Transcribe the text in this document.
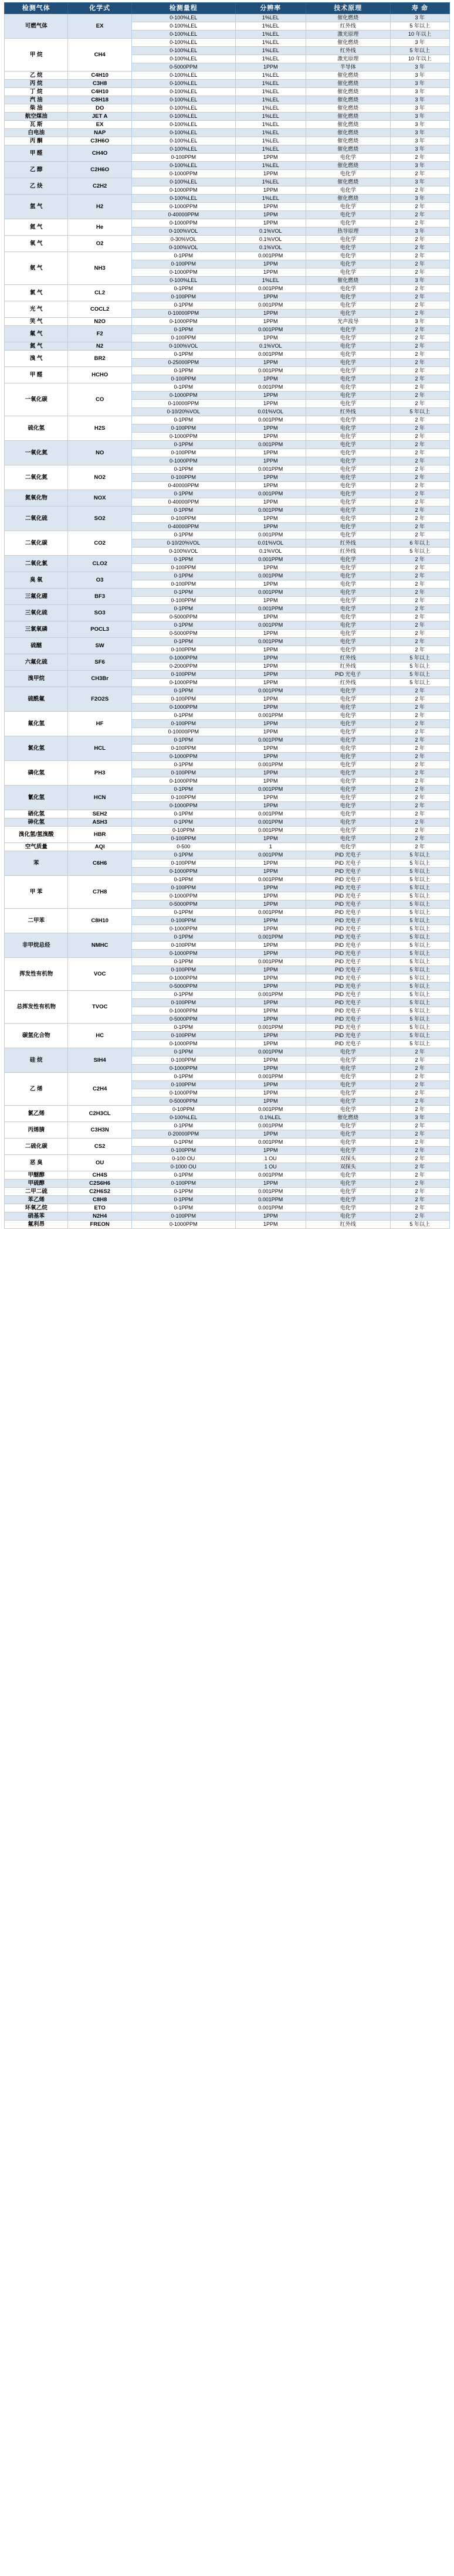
检测气体	化学式	检测量程	分辨率	技术原理	寿 命
可燃气体	EX	0-100%LEL	1%LEL	催化燃烧	3 年
		0-100%LEL	1%LEL	红外线	5 年以上
		0-100%LEL	1%LEL	激光原理	10 年以上
甲 烷	CH4	0-100%LEL	1%LEL	催化燃烧	3 年
		0-100%LEL	1%LEL	红外线	5 年以上
		0-100%LEL	1%LEL	激光原理	10 年以上
		0-5000PPM	1PPM	半导体	3 年
乙 烷	C4H10	0-100%LEL	1%LEL	催化燃烧	3 年
丙 烷	C3H8	0-100%LEL	1%LEL	催化燃烧	3 年
丁 烷	C4H10	0-100%LEL	1%LEL	催化燃烧	3 年
汽 油	C8H18	0-100%LEL	1%LEL	催化燃烧	3 年
柴 油	DO	0-100%LEL	1%LEL	催化燃烧	3 年
航空煤油	JET A	0-100%LEL	1%LEL	催化燃烧	3 年
瓦 斯	EX	0-100%LEL	1%LEL	催化燃烧	3 年
白电油	NAP	0-100%LEL	1%LEL	催化燃烧	3 年
丙 酮	C3H6O	0-100%LEL	1%LEL	催化燃烧	3 年
甲 醛	CH4O	0-100%LEL	1%LEL	催化燃烧	3 年
		0-100PPM	1PPM	电化学	2 年
乙 醇	C2H6O	0-100%LEL	1%LEL	催化燃烧	3 年
		0-1000PPM	1PPM	电化学	2 年
乙 炔	C2H2	0-100%LEL	1%LEL	催化燃烧	3 年
		0-1000PPM	1PPM	电化学	2 年
氢 气	H2	0-100%LEL	1%LEL	催化燃烧	3 年
		0-1000PPM	1PPM	电化学	2 年
		0-40000PPM	1PPM	电化学	2 年
氦 气	He	0-1000PPM	1PPM	电化学	2 年
		0-100%VOL	0.1%VOL	热导原理	3 年
氧 气	O2	0-30%VOL	0.1%VOL	电化学	2 年
		0-100%VOL	0.1%VOL	电化学	2 年
氨 气	NH3	0-1PPM	0.001PPM	电化学	2 年
		0-100PPM	1PPM	电化学	2 年
		0-1000PPM	1PPM	电化学	2 年
		0-100%LEL	1%LEL	催化燃烧	3 年
氯 气	CL2	0-1PPM	0.001PPM	电化学	2 年
		0-100PPM	1PPM	电化学	2 年
光 气	COCL2	0-1PPM	0.001PPM	电化学	2 年
		0-10000PPM	1PPM	电化学	2 年
笑 气	N2O	0-1000PPM	1PPM	光声波导	3 年
氟 气	F2	0-1PPM	0.001PPM	电化学	2 年
		0-100PPM	1PPM	电化学	2 年
氮 气	N2	0-100%VOL	0.1%VOL	电化学	2 年
溴 气	BR2	0-1PPM	0.001PPM	电化学	2 年
		0-25000PPM	1PPM	电化学	2 年
甲 醛	HCHO	0-1PPM	0.001PPM	电化学	2 年
		0-100PPM	1PPM	电化学	2 年
一氧化碳	CO	0-1PPM	0.001PPM	电化学	2 年
		0-1000PPM	1PPM	电化学	2 年
		0-10000PPM	1PPM	电化学	2 年
		0-10/20%VOL	0.01%VOL	红外线	5 年以上
硫化氢	H2S	0-1PPM	0.001PPM	电化学	2 年
		0-100PPM	1PPM	电化学	2 年
		0-1000PPM	1PPM	电化学	2 年
一氧化氮	NO	0-1PPM	0.001PPM	电化学	2 年
		0-100PPM	1PPM	电化学	2 年
		0-1000PPM	1PPM	电化学	2 年
二氧化氮	NO2	0-1PPM	0.001PPM	电化学	2 年
		0-100PPM	1PPM	电化学	2 年
		0-40000PPM	1PPM	电化学	2 年
氮氧化物	NOX	0-1PPM	0.001PPM	电化学	2 年
		0-40000PPM	1PPM	电化学	2 年
二氧化硫	SO2	0-1PPM	0.001PPM	电化学	2 年
		0-100PPM	1PPM	电化学	2 年
		0-40000PPM	1PPM	电化学	2 年
二氧化碳	CO2	0-1PPM	0.001PPM	电化学	2 年
		0-10/20%VOL	0.01%VOL	红外线	6 年以上
		0-100%VOL	0.1%VOL	红外线	5 年以上
二氧化氯	CLO2	0-1PPM	0.001PPM	电化学	2 年
		0-100PPM	1PPM	电化学	2 年
臭 氧	O3	0-1PPM	0.001PPM	电化学	2 年
		0-100PPM	1PPM	电化学	2 年
三氟化硼	BF3	0-1PPM	0.001PPM	电化学	2 年
		0-100PPM	1PPM	电化学	2 年
三氧化硫	SO3	0-1PPM	0.001PPM	电化学	2 年
		0-5000PPM	1PPM	电化学	2 年
三氯氧磷	POCL3	0-1PPM	0.001PPM	电化学	2 年
		0-5000PPM	1PPM	电化学	2 年
硫醚	SW	0-1PPM	0.001PPM	电化学	2 年
		0-100PPM	1PPM	电化学	2 年
六氟化硫	SF6	0-1000PPM	1PPM	红外线	5 年以上
		0-2000PPM	1PPM	红外线	5 年以上
溴甲烷	CH3Br	0-100PPM	1PPM	PID 光电子	5 年以上
		0-1000PPM	1PPM	红外线	5 年以上
硫酰氟	F2O2S	0-1PPM	0.001PPM	电化学	2 年
		0-100PPM	1PPM	电化学	2 年
		0-1000PPM	1PPM	电化学	2 年
氟化氢	HF	0-1PPM	0.001PPM	电化学	2 年
		0-100PPM	1PPM	电化学	2 年
		0-10000PPM	1PPM	电化学	2 年
氯化氢	HCL	0-1PPM	0.001PPM	电化学	2 年
		0-100PPM	1PPM	电化学	2 年
		0-1000PPM	1PPM	电化学	2 年
磷化氢	PH3	0-1PPM	0.001PPM	电化学	2 年
		0-100PPM	1PPM	电化学	2 年
		0-1000PPM	1PPM	电化学	2 年
氰化氢	HCN	0-1PPM	0.001PPM	电化学	2 年
		0-100PPM	1PPM	电化学	2 年
		0-1000PPM	1PPM	电化学	2 年
硒化氢	SEH2	0-1PPM	0.001PPM	电化学	2 年
砷化氢	ASH3	0-1PPM	0.001PPM	电化学	2 年
溴化氢/氢溴酸	HBR	0-10PPM	0.001PPM	电化学	2 年
		0-100PPM	1PPM	电化学	2 年
空气质量	AQI	0-500	1	电化学	2 年
苯	C6H6	0-1PPM	0.001PPM	PID 光电子	5 年以上
		0-100PPM	1PPM	PID 光电子	5 年以上
		0-1000PPM	1PPM	PID 光电子	5 年以上
甲 苯	C7H8	0-1PPM	0.001PPM	PID 光电子	5 年以上
		0-100PPM	1PPM	PID 光电子	5 年以上
		0-1000PPM	1PPM	PID 光电子	5 年以上
		0-5000PPM	1PPM	PID 光电子	5 年以上
二甲苯	C8H10	0-1PPM	0.001PPM	PID 光电子	5 年以上
		0-100PPM	1PPM	PID 光电子	5 年以上
		0-1000PPM	1PPM	PID 光电子	5 年以上
非甲烷总烃	NMHC	0-1PPM	0.001PPM	PID 光电子	5 年以上
		0-100PPM	1PPM	PID 光电子	5 年以上
		0-1000PPM	1PPM	PID 光电子	5 年以上
挥发性有机物	VOC	0-1PPM	0.001PPM	PID 光电子	5 年以上
		0-100PPM	1PPM	PID 光电子	5 年以上
		0-1000PPM	1PPM	PID 光电子	5 年以上
		0-5000PPM	1PPM	PID 光电子	5 年以上
总挥发性有机物	TVOC	0-1PPM	0.001PPM	PID 光电子	5 年以上
		0-100PPM	1PPM	PID 光电子	5 年以上
		0-1000PPM	1PPM	PID 光电子	5 年以上
		0-5000PPM	1PPM	PID 光电子	5 年以上
碳氢化合物	HC	0-1PPM	0.001PPM	PID 光电子	5 年以上
		0-100PPM	1PPM	PID 光电子	5 年以上
		0-1000PPM	1PPM	PID 光电子	5 年以上
硅 烷	SIH4	0-1PPM	0.001PPM	电化学	2 年
		0-100PPM	1PPM	电化学	2 年
		0-1000PPM	1PPM	电化学	2 年
乙 烯	C2H4	0-1PPM	0.001PPM	电化学	2 年
		0-100PPM	1PPM	电化学	2 年
		0-1000PPM	1PPM	电化学	2 年
		0-5000PPM	1PPM	电化学	2 年
氯乙烯	C2H3CL	0-10PPM	0.001PPM	电化学	2 年
		0-100%LEL	0.1%LEL	催化燃烧	3 年
丙烯腈	C3H3N	0-1PPM	0.001PPM	电化学	2 年
		0-20000PPM	1PPM	电化学	2 年
二硫化碳	CS2	0-1PPM	0.001PPM	电化学	2 年
		0-100PPM	1PPM	电化学	2 年
恶 臭	OU	0-100 OU	1 OU	双探头	2 年
		0-1000 OU	1 OU	双探头	2 年
甲醚醇	CH4S	0-1PPM	0.001PPM	电化学	2 年
甲硫醇	C2S6H6	0-100PPM	1PPM	电化学	2 年
二甲二硫	C2H6S2	0-1PPM	0.001PPM	电化学	2 年
苯乙烯	C8H8	0-1PPM	0.001PPM	电化学	2 年
环氧乙烷	ETO	0-1PPM	0.001PPM	电化学	2 年
硝基苯	N2H4	0-100PPM	1PPM	电化学	2 年
氟利昂	FREON	0-1000PPM	1PPM	红外线	5 年以上
